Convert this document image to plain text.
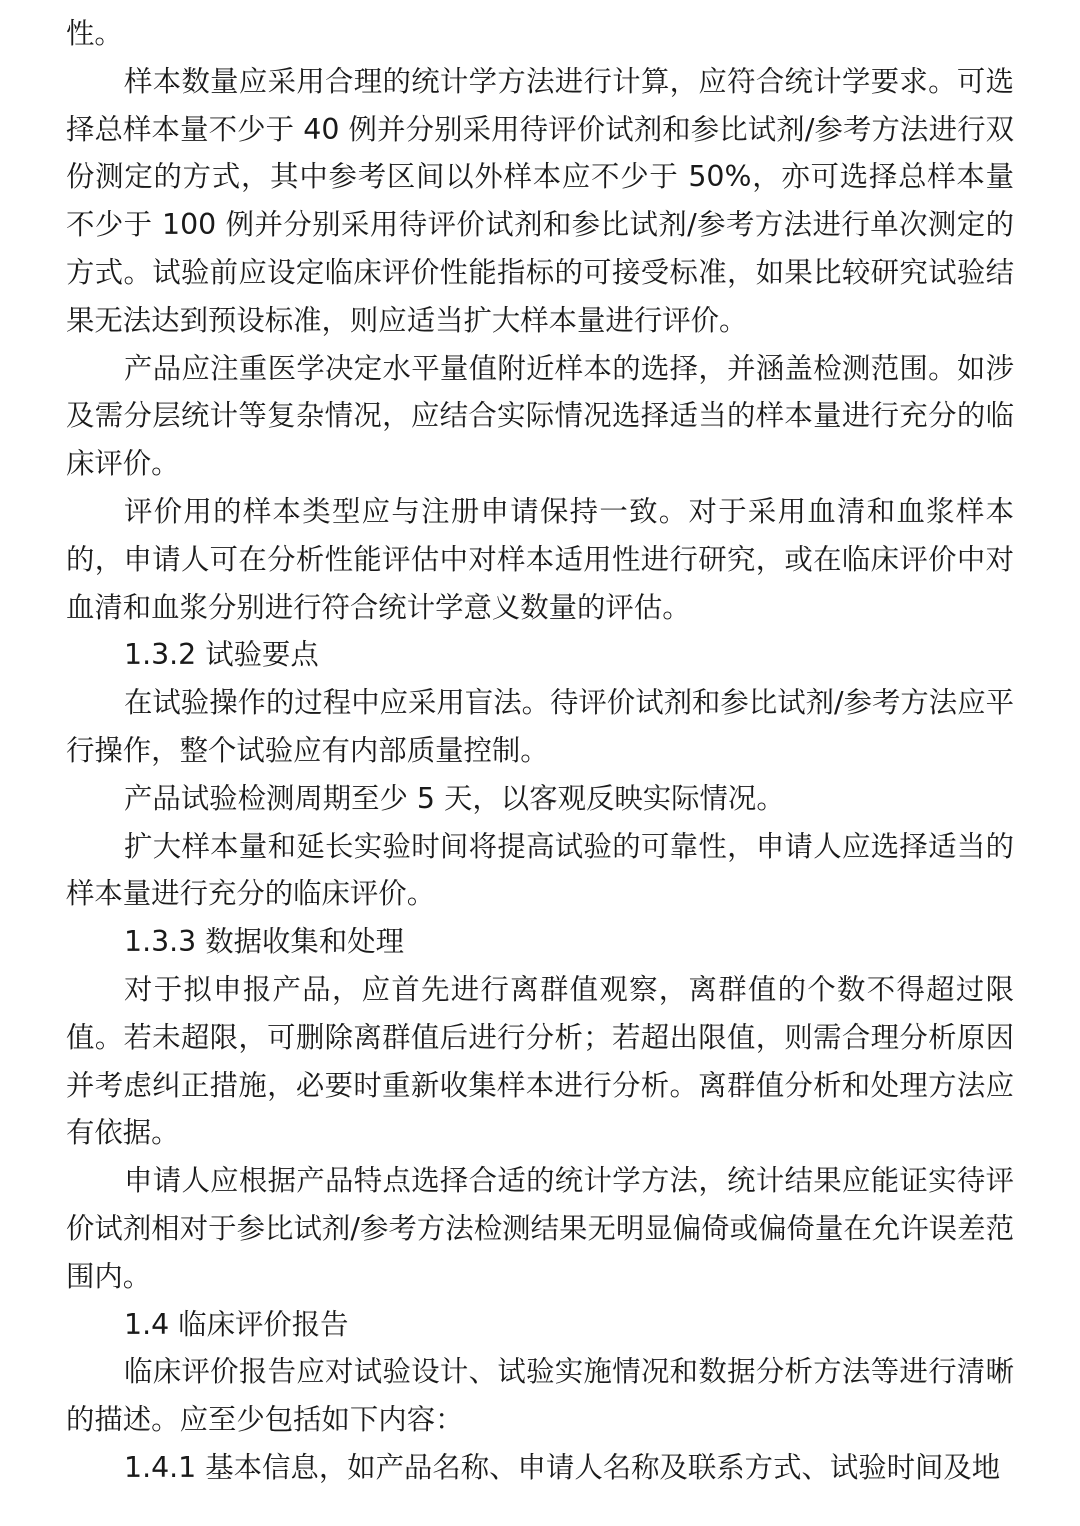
性。

样本数量应采用合理的统计学方法进行计算，应符合统计学要求。可选择总样本量不少于 40 例并分别采用待评价试剂和参比试剂/参考方法进行双份测定的方式，其中参考区间以外样本应不少于 50%，亦可选择总样本量不少于 100 例并分别采用待评价试剂和参比试剂/参考方法进行单次测定的方式。试验前应设定临床评价性能指标的可接受标准，如果比较研究试验结果无法达到预设标准，则应适当扩大样本量进行评价。

产品应注重医学决定水平量值附近样本的选择，并涵盖检测范围。如涉及需分层统计等复杂情况，应结合实际情况选择适当的样本量进行充分的临床评价。

评价用的样本类型应与注册申请保持一致。对于采用血清和血浆样本的，申请人可在分析性能评估中对样本适用性进行研究，或在临床评价中对血清和血浆分别进行符合统计学意义数量的评估。

1.3.2 试验要点

在试验操作的过程中应采用盲法。待评价试剂和参比试剂/参考方法应平行操作，整个试验应有内部质量控制。

产品试验检测周期至少 5 天，以客观反映实际情况。

扩大样本量和延长实验时间将提高试验的可靠性，申请人应选择适当的样本量进行充分的临床评价。

1.3.3 数据收集和处理

对于拟申报产品，应首先进行离群值观察，离群值的个数不得超过限值。若未超限，可删除离群值后进行分析；若超出限值，则需合理分析原因并考虑纠正措施，必要时重新收集样本进行分析。离群值分析和处理方法应有依据。

申请人应根据产品特点选择合适的统计学方法，统计结果应能证实待评价试剂相对于参比试剂/参考方法检测结果无明显偏倚或偏倚量在允许误差范围内。

1.4 临床评价报告

临床评价报告应对试验设计、试验实施情况和数据分析方法等进行清晰的描述。应至少包括如下内容：

1.4.1 基本信息，如产品名称、申请人名称及联系方式、试验时间及地
